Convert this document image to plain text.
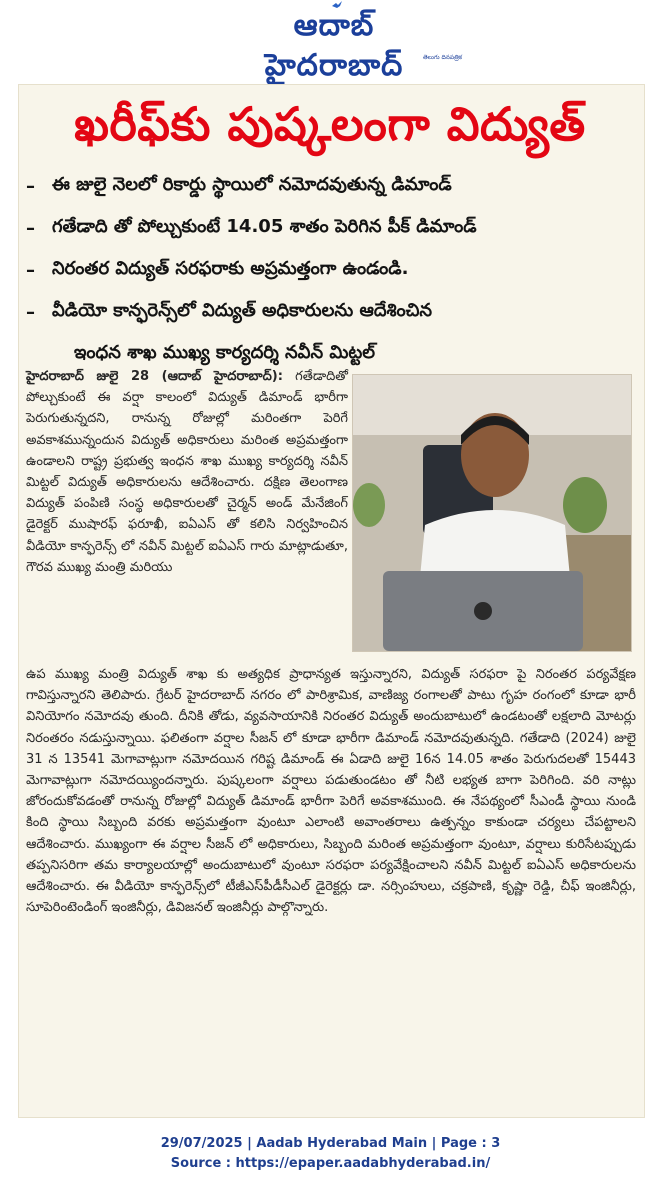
ఆదాబ్ హైదరాబాద్	తెలుగు దినపత్రిక
ఖరీఫ్‌కు పుష్కలంగా విద్యుత్
– ఈ జులై నెలలో రికార్డు స్థాయిలో నమోదవుతున్న డిమాండ్
– గతేడాది తో పోల్చుకుంటే 14.05 శాతం పెరిగిన పీక్ డిమాండ్
– నిరంతర విద్యుత్ సరఫరాకు అప్రమత్తంగా ఉండండి.
– వీడియో కాన్ఫరెన్స్‌లో విద్యుత్ అధికారులను ఆదేశించిన
ఇంధన శాఖ ముఖ్య కార్యదర్శి నవీన్ మిట్టల్

హైదరాబాద్ జులై 28 (ఆదాబ్ హైదరాబాద్): గతేడాదితో పోల్చుకుంటే ఈ వర్షా కాలంలో విద్యుత్ డిమాండ్ భారీగా పెరుగుతున్నదని, రానున్న రోజుల్లో మరింతగా పెరిగే అవకాశమున్నందున విద్యుత్ అధికారులు మరింత అప్రమత్తంగా ఉండాలని రాష్ట్ర ప్రభుత్వ ఇంధన శాఖ ముఖ్య కార్యదర్శి నవీన్ మిట్టల్ విద్యుత్ అధికారులను ఆదేశించారు. దక్షిణ తెలంగాణ విద్యుత్ పంపిణి సంస్థ అధికారులతో చైర్మన్ అండ్ మేనేజింగ్ డైరెక్టర్ ముషారఫ్ ఫరూఖీ, ఐఏఎస్ తో కలిసి నిర్వహించిన వీడియో కాన్ఫరెన్స్ లో నవీన్ మిట్టల్ ఐఏఎస్ గారు మాట్లాడుతూ, గౌరవ ముఖ్య మంత్రి మరియు

ఉప ముఖ్య మంత్రి విద్యుత్ శాఖ కు అత్యధిక ప్రాధాన్యత ఇస్తున్నారని, విద్యుత్ సరఫరా పై నిరంతర పర్యవేక్షణ గావిస్తున్నారని తెలిపారు. గ్రేటర్ హైదరాబాద్ నగరం లో పారిశ్రామిక, వాణిజ్య రంగాలతో పాటు గృహ రంగంలో కూడా భారీ వినియోగం నమోదవు తుంది. దీనికి తోడు, వ్యవసాయానికి నిరంతర విద్యుత్ అందుబాటులో ఉండటంతో లక్షలాది మోటర్లు నిరంతరం నడుస్తున్నాయి. ఫలితంగా వర్షాల సీజన్ లో కూడా భారీగా డిమాండ్ నమోదవుతున్నది. గతేడాది (2024) జులై 31 న 13541 మెగావాట్లుగా నమోదయిన గరిష్ట డిమాండ్ ఈ ఏడాది జులై 16న 14.05 శాతం పెరుగుదలతో 15443 మెగావాట్లుగా నమోదయ్యిందన్నారు. పుష్కలంగా వర్షాలు పడుతుండటం తో నీటి లభ్యత బాగా పెరిగింది. వరి నాట్లు జోరందుకోవడంతో రానున్న రోజుల్లో విద్యుత్ డిమాండ్ భారీగా పెరిగే అవకాశముంది. ఈ నేపథ్యంలో సీఎండీ స్థాయి నుండి కింది స్థాయి సిబ్బంది వరకు అప్రమత్తంగా వుంటూ ఎలాంటి అవాంతరాలు ఉత్పన్నం కాకుండా చర్యలు చేపట్టాలని ఆదేశించారు. ముఖ్యంగా ఈ వర్షాల సీజన్ లో అధికారులు, సిబ్బంది మరింత అప్రమత్తంగా వుంటూ, వర్షాలు కురిసేటప్పుడు తప్పనిసరిగా తమ కార్యాలయాల్లో అందుబాటులో వుంటూ సరఫరా పర్యవేక్షించాలని నవీన్ మిట్టల్ ఐఏఎస్ అధికారులను ఆదేశించారు. ఈ వీడియో కాన్ఫరెన్స్‌లో టీజీఎస్‌పీడీసీఎల్ డైరెక్టర్లు డా. నర్సింహులు, చక్రపాణి, కృష్ణా రెడ్డి, చీఫ్ ఇంజినీర్లు, సూపెరింటెండింగ్ ఇంజినీర్లు, డివిజనల్ ఇంజినీర్లు పాల్గొన్నారు.

29/07/2025 | Aadab Hyderabad Main | Page : 3
Source : https://epaper.aadabhyderabad.in/
